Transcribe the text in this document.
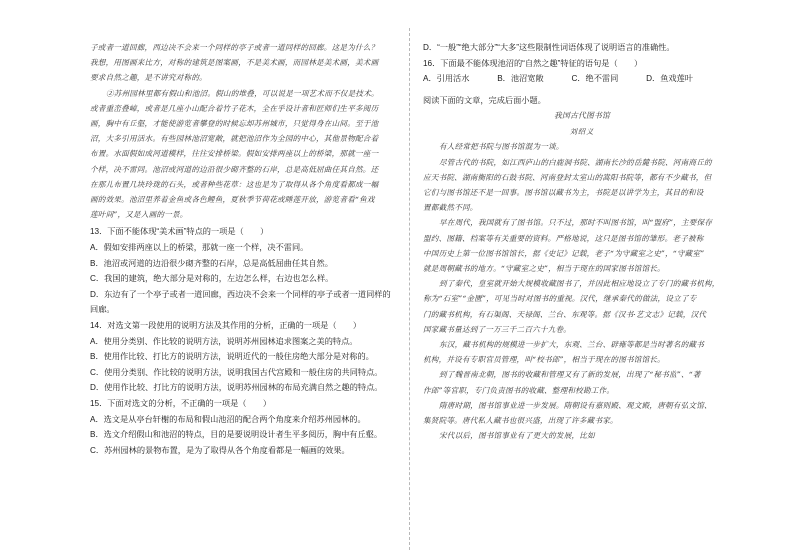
子或者一道回廊，西边决不会来一个同样的亭子或者一道同样的回廊。这是为什么？

我想，用图画来比方，对称的建筑是图案画，不是美术画，而园林是美术画，美术画

要求自然之趣，是不讲究对称的。

②苏州园林里都有假山和池沼。假山的堆叠，可以说是一项艺术而不仅是技术。

或者重峦叠嶂，或者是几座小山配合着竹子花木，全在乎设计者和匠师们生平多阅历

画，胸中有丘壑，才能使游览者攀登的时候忘却苏州城市，只觉得身在山间。至于池

沼，大多引用活水。有些园林池沼宽敞，就把池沼作为全园的中心，其他景物配合着

布置。水面假如成河道模样，往往安排桥梁。假如安排两座以上的桥梁，那就一座一

个样，决不雷同。池沼或河道的边沿很少砌齐整的石岸，总是高低屈曲任其自然。还

在那儿布置几块玲珑的石头，或者种些花草：这也是为了取得从各个角度看都成一幅

画的效果。池沼里养着金鱼或各色鲤鱼，夏秋季节荷花或睡莲开放，游览者看“鱼戏

莲叶间”，又是入画的一景。

13．下面不能体现“美术画”特点的一项是（　　）
A．假如安排两座以上的桥梁，那就一座一个样，决不雷同。
B．池沼或河道的边沿很少砌齐整的石岸，总是高低屈曲任其自然。
C．我国的建筑，绝大部分是对称的，左边怎么样，右边也怎么样。
D．东边有了一个亭子或者一道回廊，西边决不会来一个同样的亭子或者一道同样的
回廊。
14．对选文第一段使用的说明方法及其作用的分析，正确的一项是（　　）
A．使用分类别、作比较的说明方法，说明苏州园林追求图案之美的特点。
B．使用作比较、打比方的说明方法，说明近代的一般住房绝大部分是对称的。
C．使用分类别、作比较的说明方法，说明我国古代宫殿和一般住房的共同特点。
D．使用作比较、打比方的说明方法，说明苏州园林的布局充满自然之趣的特点。
15．下面对选文的分析，不正确的一项是（　　）
A．选文是从亭台轩榭的布局和假山池沼的配合两个角度来介绍苏州园林的。
B．选文介绍假山和池沼的特点，目的是要说明设计者生平多阅历，胸中有丘壑。
C．苏州园林的景物布置，是为了取得从各个角度看都是一幅画的效果。
D．“一般”“绝大部分”“大多”这些限制性词语体现了说明语言的准确性。
16．下面最不能体现池沼的“自然之趣”特征的语句是（　　）
A．引用活水	B．池沼宽敞	C．绝不雷同	D．鱼戏莲叶
阅读下面的文章，完成后面小题。
我国古代图书馆
刘绍义

有人经常把书院与图书馆混为一谈。

尽管古代的书院，如江西庐山的白鹿洞书院、湖南长沙的岳麓书院、河南商丘的

应天书院、湖南衡阳的石鼓书院、河南登封太室山的嵩阳书院等，都有不少藏书，但

它们与图书馆还不是一回事。图书馆以藏书为主，书院是以讲学为主，其目的和设

置都截然不同。

早在周代，我国就有了图书馆。只不过，那时不叫图书馆，叫“盟府”，主要保存

盟约、图籍、档案等有关重要的资料。严格地说，这只是图书馆的雏形。老子被称

中国历史上第一位图书馆馆长，据《史记》记载，老子“为守藏室之史”，“守藏室”

就是周朝藏书的地方。“守藏室之史”，相当于现在的国家图书馆馆长。

到了秦代，皇室就开始大规模收藏图书了，并因此相应地设立了专门的藏书机构，

称为“石室”“金匮”，可见当时对图书的重视。汉代，继承秦代的做法，设立了专

门的藏书机构，有石渠阁、天禄阁、兰台、东观等。据《汉书·艺文志》记载，汉代

国家藏书量达到了一万三千二百六十九卷。

东汉，藏书机构的规模进一步扩大，东观、兰台、辟雍等都是当时著名的藏书

机构，并设有专职官员管理，叫“校书郎”，相当于现在的图书馆馆长。

到了魏晋南北朝，图书的收藏和管理又有了新的发展，出现了“秘书监”、“著

作郎”等官职，专门负责图书的收藏、整理和校勘工作。

隋唐时期，图书馆事业进一步发展。隋朝设有嘉则殿、观文殿，唐朝有弘文馆、

集贤院等。唐代私人藏书也很兴盛，出现了许多藏书家。

宋代以后，图书馆事业有了更大的发展，比如
